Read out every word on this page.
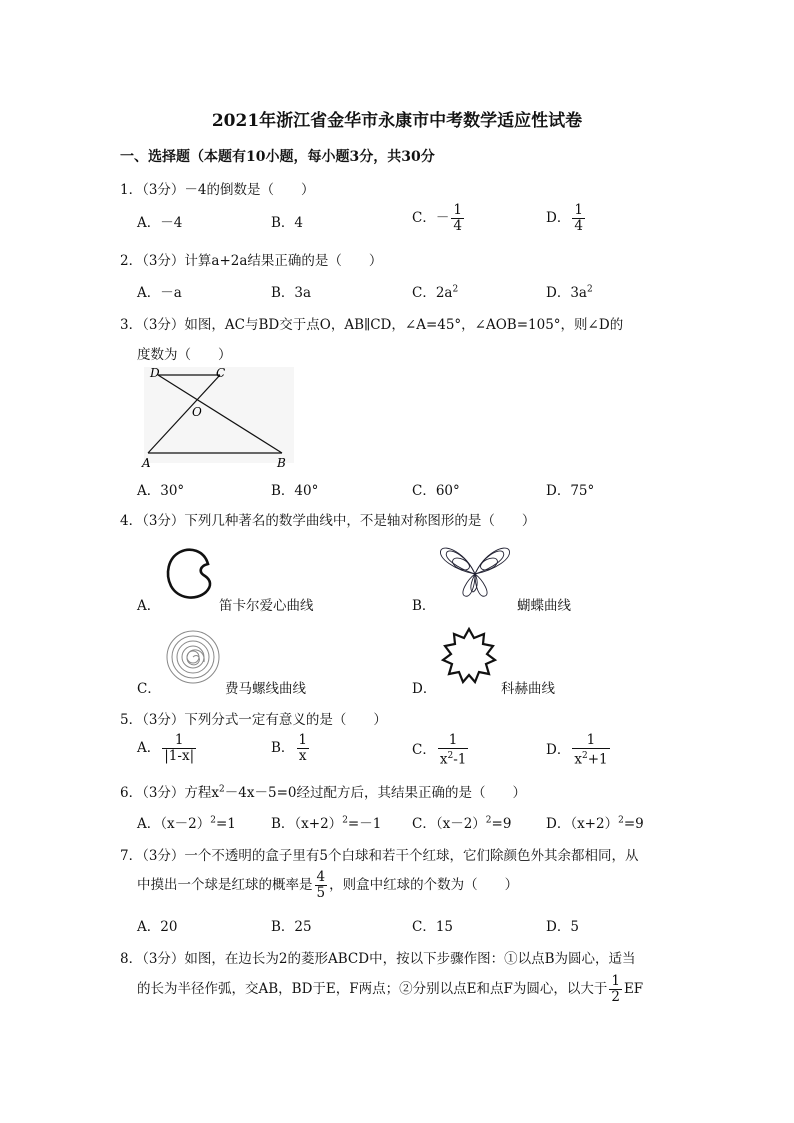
2021年浙江省金华市永康市中考数学适应性试卷
一、选择题（本题有10小题，每小题3分，共30分
1．（3分）－4的倒数是（　　）
A．－4	B．4	C．－ $\frac{1}{4}$	D． $\frac{1}{4}$
2．（3分）计算a+2a结果正确的是（　　）
A．－a	B．3a	C．$2a^2$	D．$3a^2$
3．（3分）如图，AC与BD交于点O，AB∥CD，∠A=45°，∠AOB=105°，则∠D的
度数为（　　）
D	C
O
A	B
A．30°	B．40°	C．60°	D．75°
4．（3分）下列几种著名的数学曲线中，不是轴对称图形的是（　　）
A．	笛卡尔爱心曲线	B．	蝴蝶曲线
C．	费马螺线曲线	D．	科赫曲线
5．（3分）下列分式一定有意义的是（　　）
A． $\frac{1}{|1-x|}$	B． $\frac{1}{x}$	C． $\frac{1}{x^2-1}$	D． $\frac{1}{x^2+1}$
6．（3分）方程$x^2-4x-5=0$经过配方后，其结果正确的是（　　）
A．$(x-2)^2=1$	B．$(x+2)^2=-1$ C．$(x-2)^2=9$	D．$(x+2)^2=9$
7．（3分）一个不透明的盒子里有5个白球和若干个红球，它们除颜色外其余都相同，从
中摸出一个球是红球的概率是 $\frac{4}{5}$ ，则盒中红球的个数为（　　）
A．20	B．25	C．15	D．5
8．（3分）如图，在边长为2的菱形ABCD中，按以下步骤作图：①以点B为圆心，适当
的长为半径作弧，交AB，BD于E，F两点；②分别以点E和点F为圆心，以大于 $\frac{1}{2}$ EF
